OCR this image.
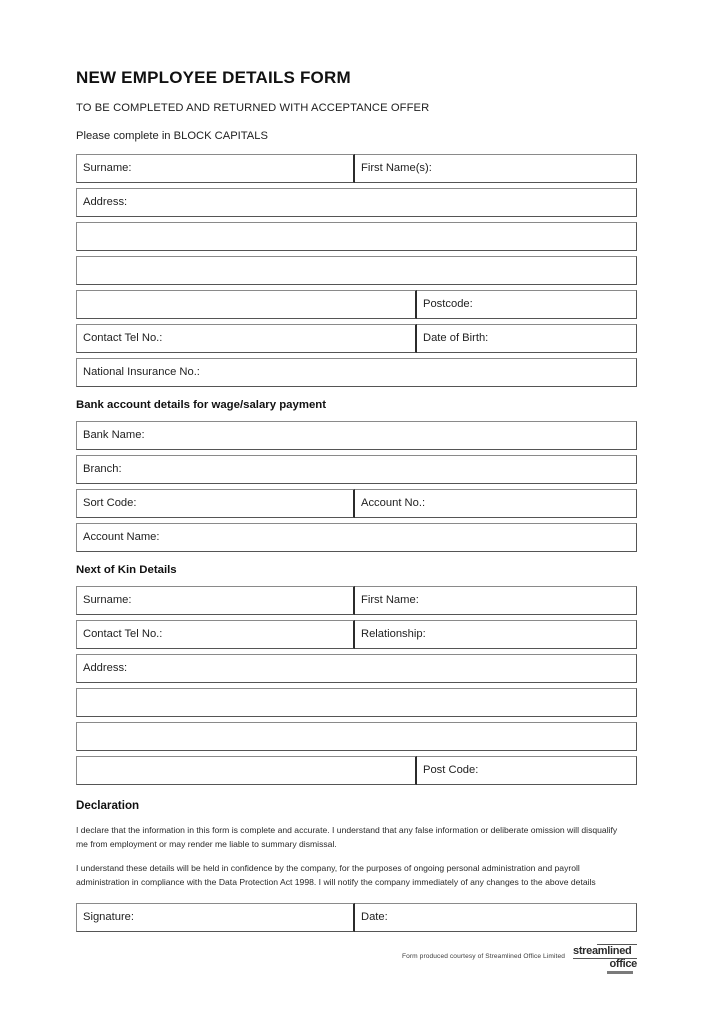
NEW EMPLOYEE DETAILS FORM

TO BE COMPLETED AND RETURNED WITH ACCEPTANCE OFFER

Please complete in BLOCK CAPITALS

Surname:	First Name(s):
Address:
Postcode:
Contact Tel No.:	Date of Birth:
National Insurance No.:
Bank account details for wage/salary payment
Bank Name:
Branch:
Sort Code:	Account No.:
Account Name:
Next of Kin Details
Surname:	First Name:
Contact Tel No.:	Relationship:
Address:
Post Code:
Declaration

I declare that the information in this form is complete and accurate. I understand that any false information or deliberate omission will disqualify me from employment or may render me liable to summary dismissal.

I understand these details will be held in confidence by the company, for the purposes of ongoing personal administration and payroll administration in compliance with the Data Protection Act 1998. I will notify the company immediately of any changes to the above details

Signature:	Date:
Form produced courtesy of Streamlined Office Limited streamlined
office
